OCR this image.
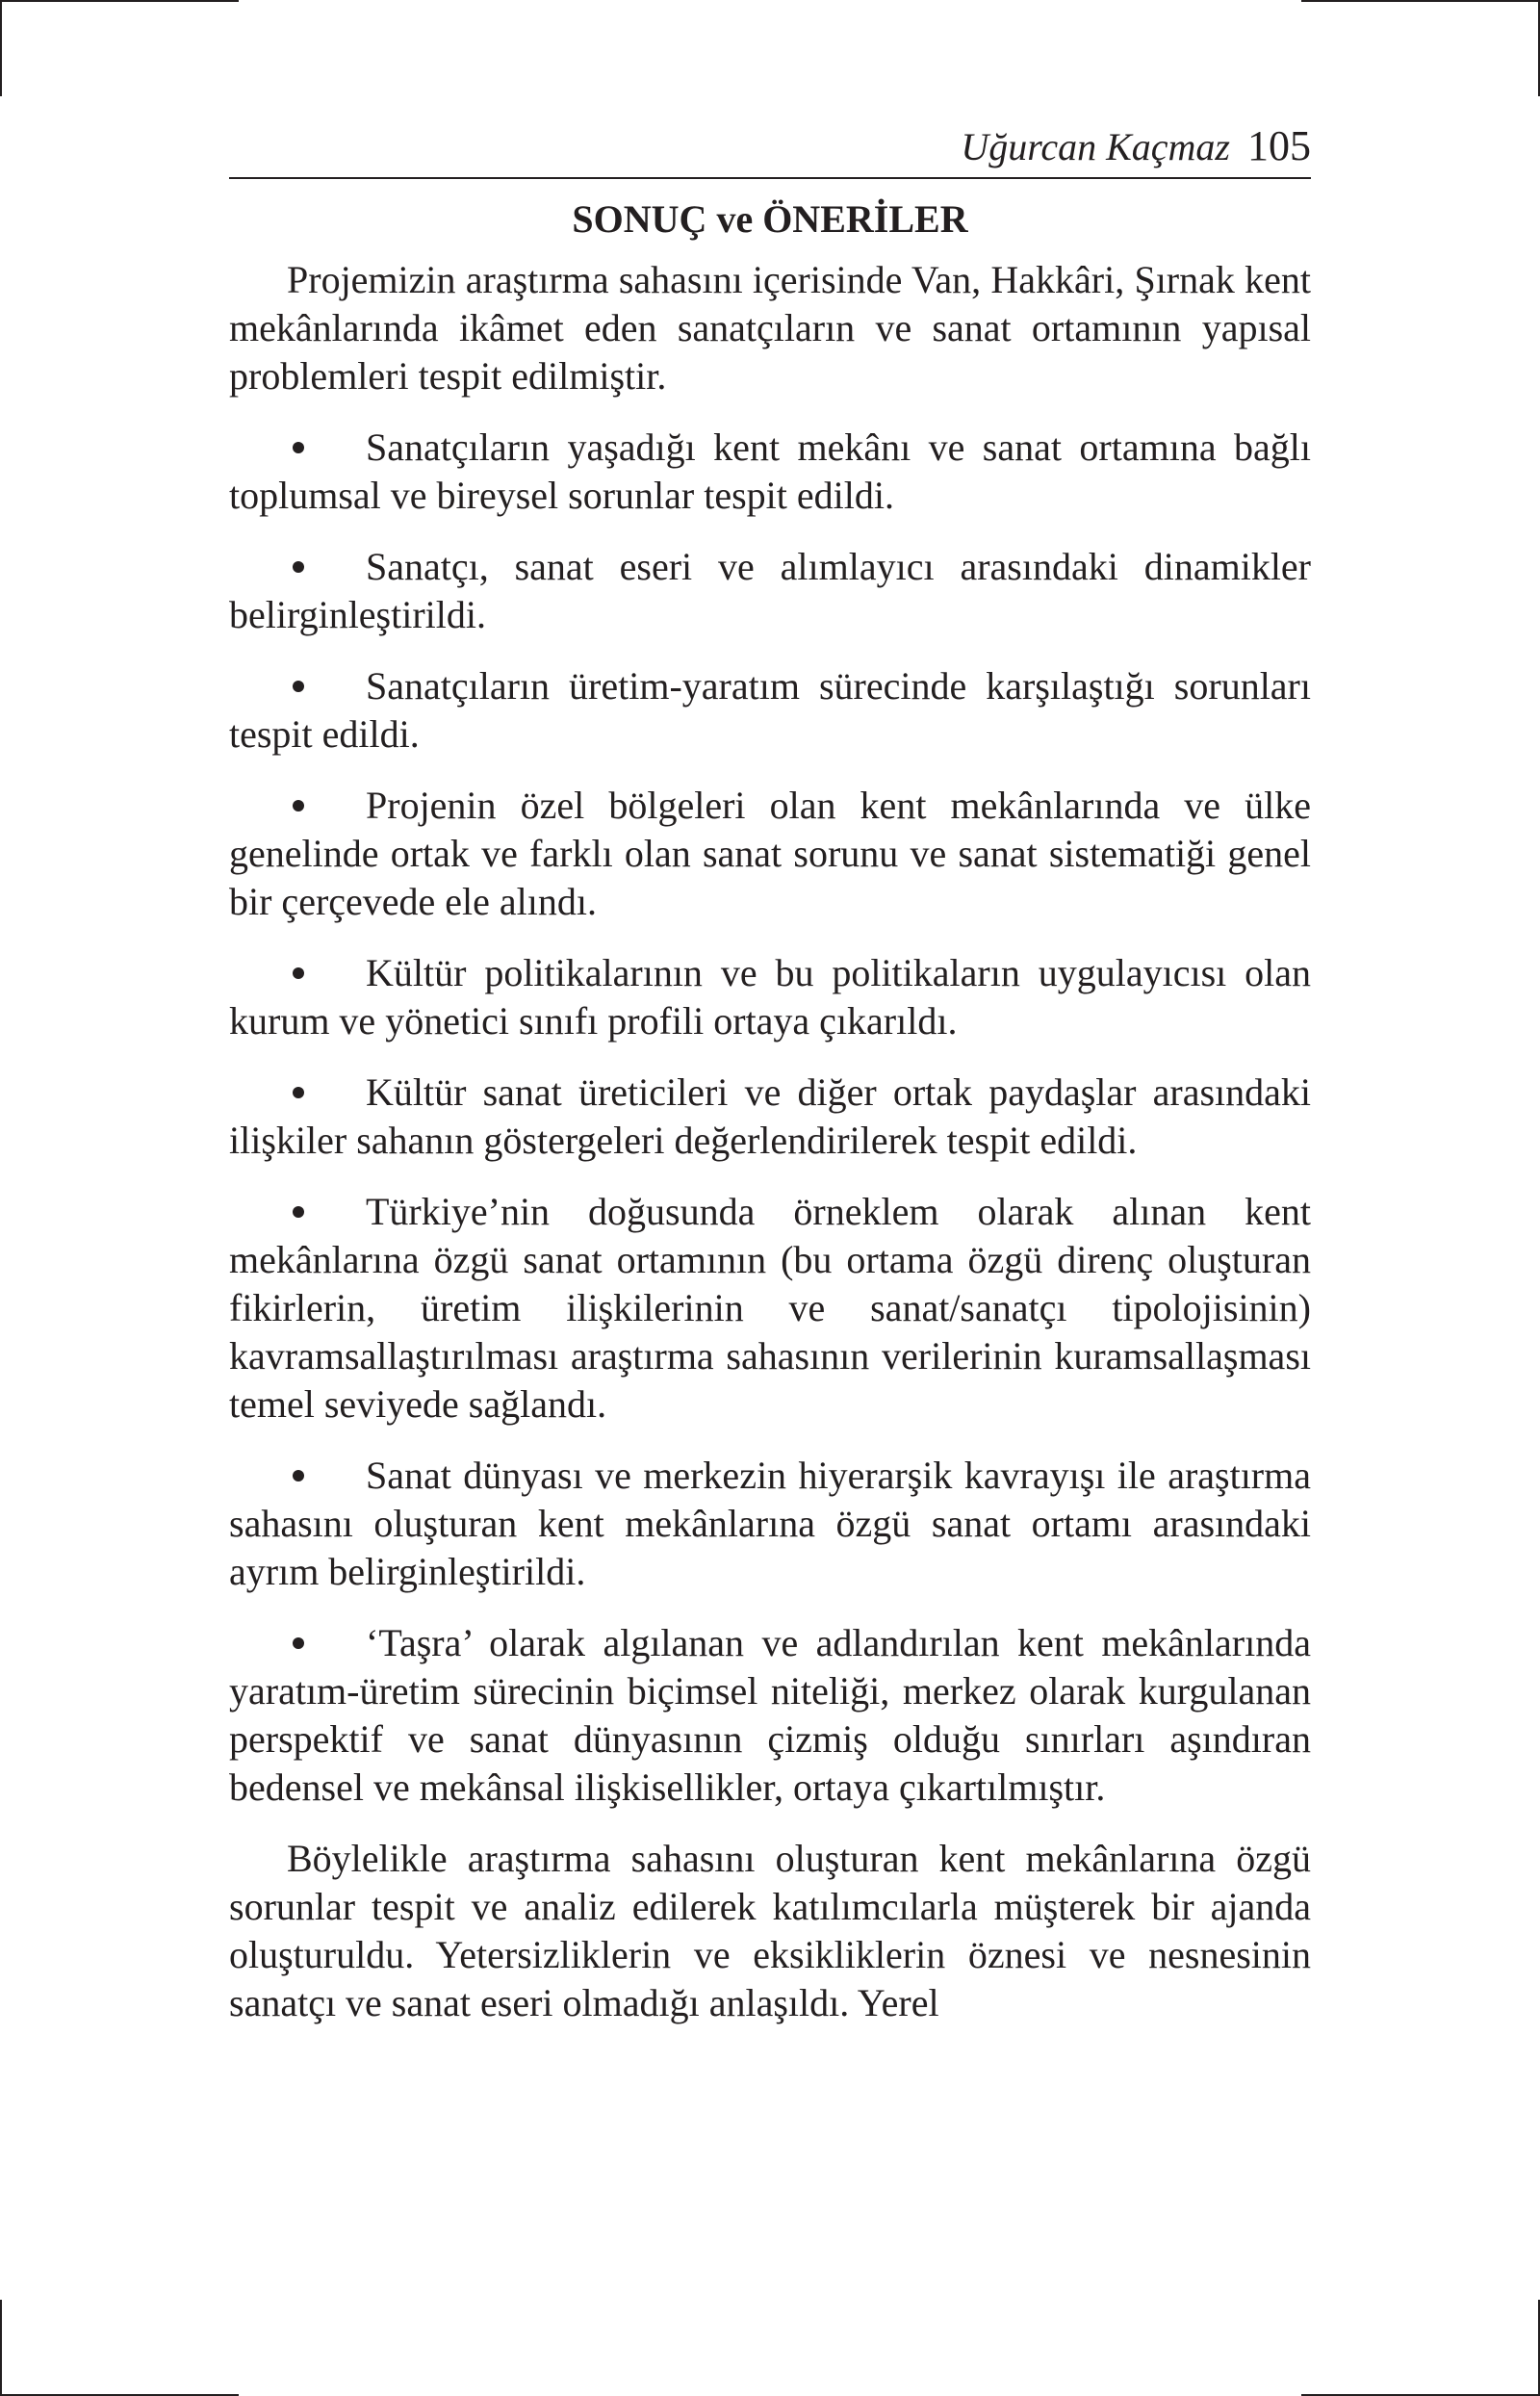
Uğurcan Kaçmaz 105
SONUÇ ve ÖNERİLER

Projemizin araştırma sahasını içerisinde Van, Hakkâri, Şırnak kent mekânlarında ikâmet eden sanatçıların ve sanat ortamının yapısal problemleri tespit edilmiştir.

Sanatçıların yaşadığı kent mekânı ve sanat ortamına bağlı toplumsal ve bireysel sorunlar tespit edildi.

Sanatçı, sanat eseri ve alımlayıcı arasındaki dinamikler belirginleştirildi.

Sanatçıların üretim-yaratım sürecinde karşılaştığı sorunları tespit edildi.

Projenin özel bölgeleri olan kent mekânlarında ve ülke genelinde ortak ve farklı olan sanat sorunu ve sanat sistematiği genel bir çerçevede ele alındı.

Kültür politikalarının ve bu politikaların uygulayıcısı olan kurum ve yönetici sınıfı profili ortaya çıkarıldı.

Kültür sanat üreticileri ve diğer ortak paydaşlar arasındaki ilişkiler sahanın göstergeleri değerlendirilerek tespit edildi.

Türkiye’nin doğusunda örneklem olarak alınan kent mekânlarına özgü sanat ortamının (bu ortama özgü direnç oluşturan fikirlerin, üretim ilişkilerinin ve sanat/sanatçı tipolojisinin) kavramsallaştırılması araştırma sahasının verilerinin kuramsallaşması temel seviyede sağlandı.

Sanat dünyası ve merkezin hiyerarşik kavrayışı ile araştırma sahasını oluşturan kent mekânlarına özgü sanat ortamı arasındaki ayrım belirginleştirildi.

‘Taşra’ olarak algılanan ve adlandırılan kent mekânlarında yaratım-üretim sürecinin biçimsel niteliği, merkez olarak kurgulanan perspektif ve sanat dünyasının çizmiş olduğu sınırları aşındıran bedensel ve mekânsal ilişkisellikler, ortaya çıkartılmıştır.

Böylelikle araştırma sahasını oluşturan kent mekânlarına özgü sorunlar tespit ve analiz edilerek katılımcılarla müşterek bir ajanda oluşturuldu. Yetersizliklerin ve eksikliklerin öznesi ve nesnesinin sanatçı ve sanat eseri olmadığı anlaşıldı. Yerel
